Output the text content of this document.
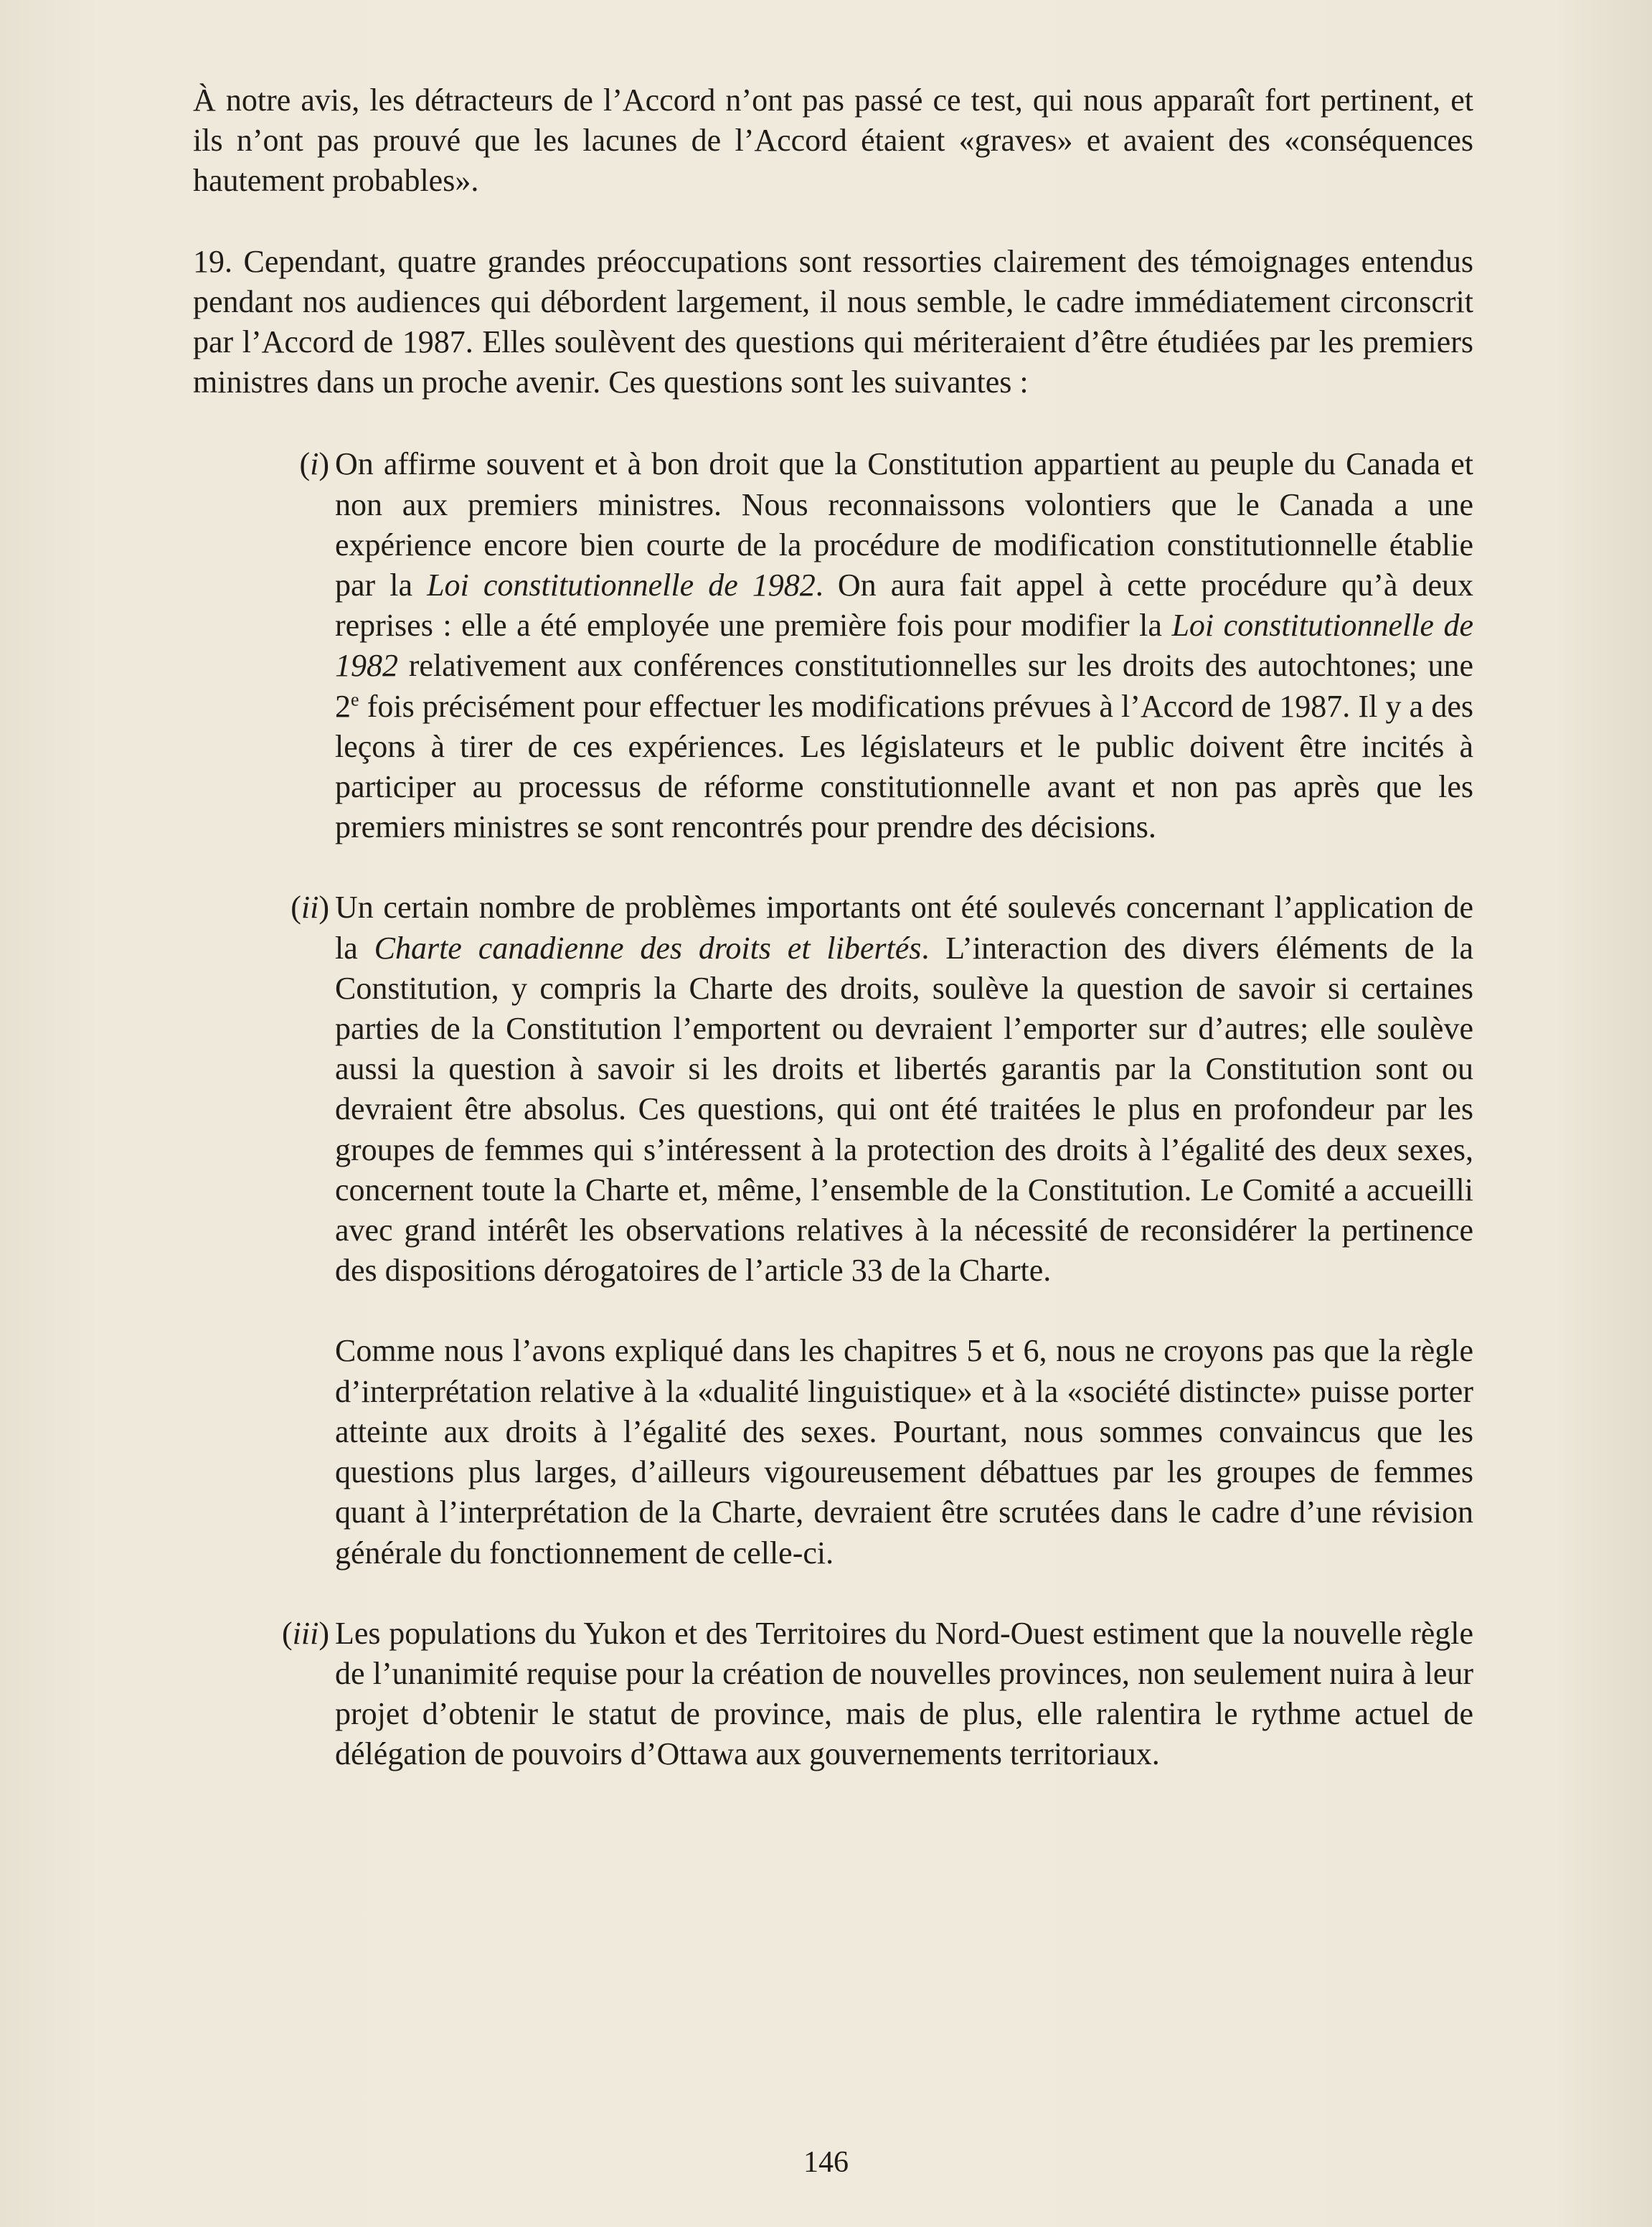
À notre avis, les détracteurs de l’Accord n’ont pas passé ce test, qui nous apparaît fort pertinent, et ils n’ont pas prouvé que les lacunes de l’Accord étaient «graves» et avaient des «conséquences hautement probables».

19. Cependant, quatre grandes préoccupations sont ressorties clairement des témoignages entendus pendant nos audiences qui débordent largement, il nous semble, le cadre immédiatement circonscrit par l’Accord de 1987. Elles soulèvent des questions qui mériteraient d’être étudiées par les premiers ministres dans un proche avenir. Ces questions sont les suivantes :

(i) On affirme souvent et à bon droit que la Constitution appartient au peuple du Canada et non aux premiers ministres. Nous reconnaissons volontiers que le Canada a une expérience encore bien courte de la procédure de modification constitutionnelle établie par la Loi constitutionnelle de 1982. On aura fait appel à cette procédure qu’à deux reprises : elle a été employée une première fois pour modifier la Loi constitutionnelle de 1982 relativement aux conférences constitutionnelles sur les droits des autochtones; une 2e fois précisément pour effectuer les modifications prévues à l’Accord de 1987. Il y a des leçons à tirer de ces expériences. Les législateurs et le public doivent être incités à participer au processus de réforme constitutionnelle avant et non pas après que les premiers ministres se sont rencontrés pour prendre des décisions.

(ii) Un certain nombre de problèmes importants ont été soulevés concernant l’application de la Charte canadienne des droits et libertés. L’interaction des divers éléments de la Constitution, y compris la Charte des droits, soulève la question de savoir si certaines parties de la Constitution l’emportent ou devraient l’emporter sur d’autres; elle soulève aussi la question à savoir si les droits et libertés garantis par la Constitution sont ou devraient être absolus. Ces questions, qui ont été traitées le plus en profondeur par les groupes de femmes qui s’intéressent à la protection des droits à l’égalité des deux sexes, concernent toute la Charte et, même, l’ensemble de la Constitution. Le Comité a accueilli avec grand intérêt les observations relatives à la nécessité de reconsidérer la pertinence des dispositions dérogatoires de l’article 33 de la Charte.

Comme nous l’avons expliqué dans les chapitres 5 et 6, nous ne croyons pas que la règle d’interprétation relative à la «dualité linguistique» et à la «société distincte» puisse porter atteinte aux droits à l’égalité des sexes. Pourtant, nous sommes convaincus que les questions plus larges, d’ailleurs vigoureusement débattues par les groupes de femmes quant à l’interprétation de la Charte, devraient être scrutées dans le cadre d’une révision générale du fonctionnement de celle-ci.

(iii) Les populations du Yukon et des Territoires du Nord-Ouest estiment que la nouvelle règle de l’unanimité requise pour la création de nouvelles provinces, non seulement nuira à leur projet d’obtenir le statut de province, mais de plus, elle ralentira le rythme actuel de délégation de pouvoirs d’Ottawa aux gouvernements territoriaux.

146
